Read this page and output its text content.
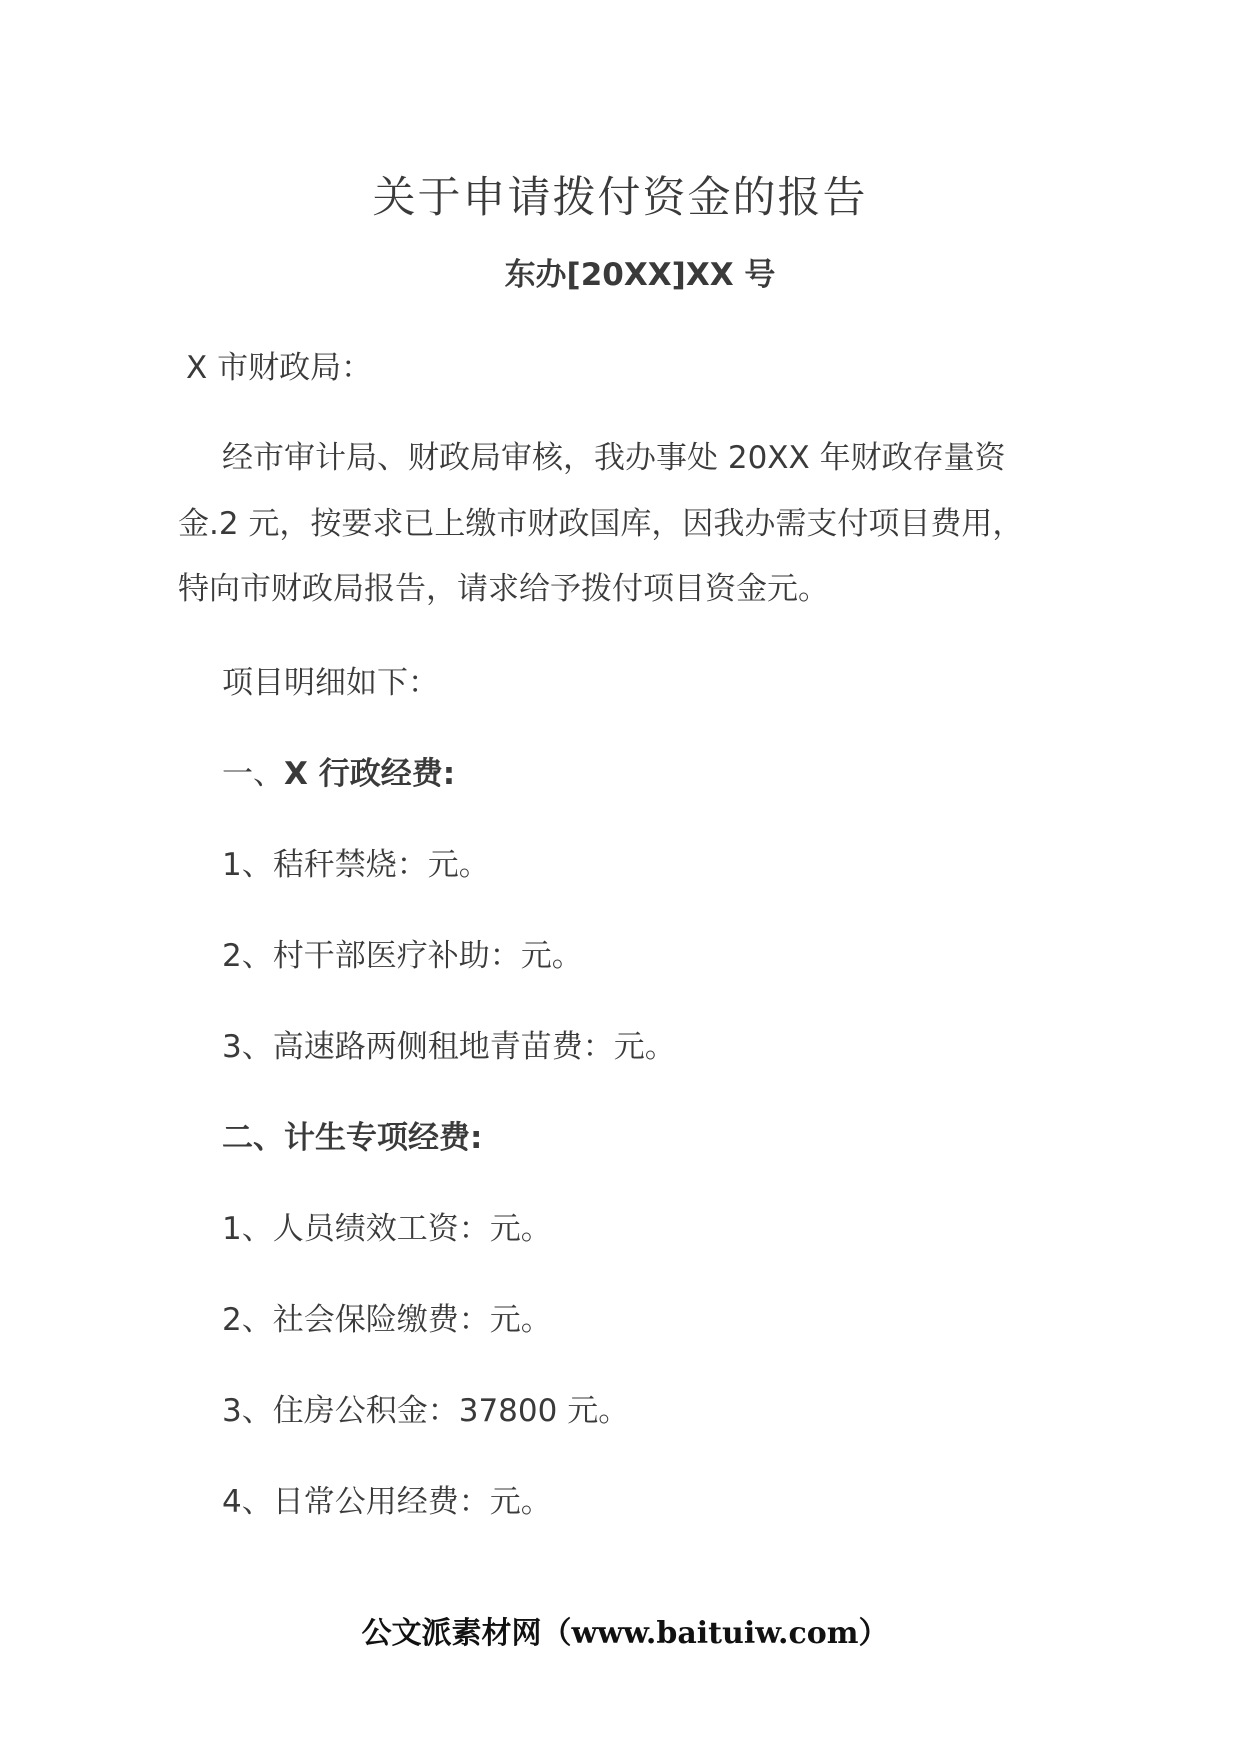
关于申请拨付资金的报告
东办[20XX]XX 号
X 市财政局：
经市审计局、财政局审核，我办事处 20XX 年财政存量资
金.2 元，按要求已上缴市财政国库，因我办需支付项目费用，
特向市财政局报告，请求给予拨付项目资金元。
项目明细如下：
一、X 行政经费:
1、秸秆禁烧：元。
2、村干部医疗补助：元。
3、高速路两侧租地青苗费：元。
二、计生专项经费:
1、人员绩效工资：元。
2、社会保险缴费：元。
3、住房公积金：37800 元。
4、日常公用经费：元。
公文派素材网（www.baituiw.com）
